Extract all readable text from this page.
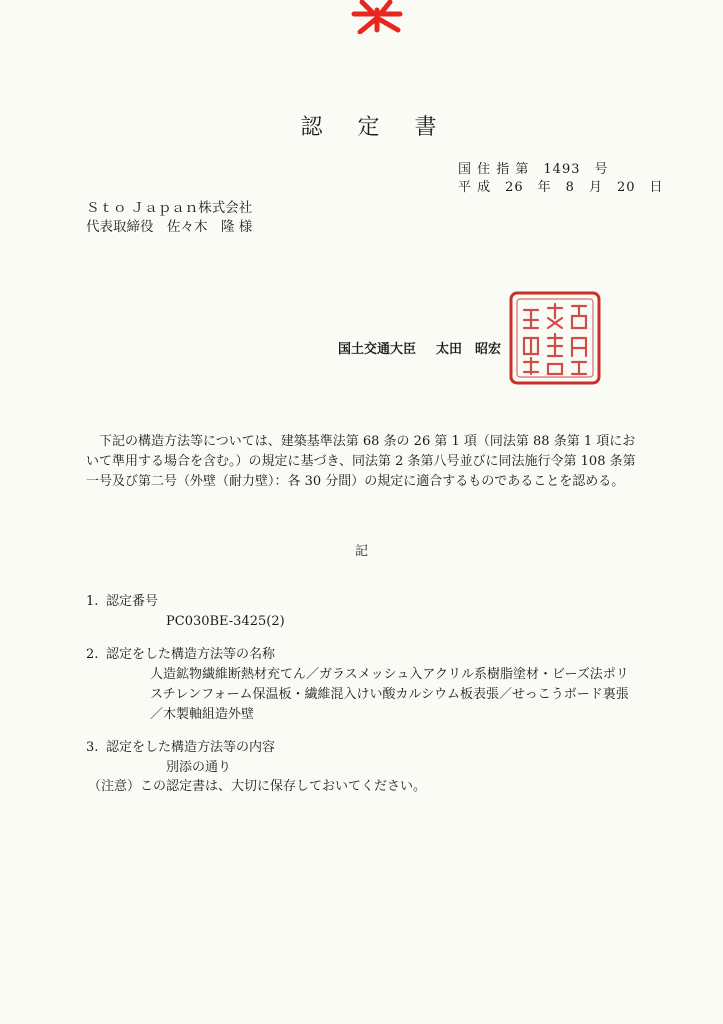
認 定 書
国 住 指 第　1493　号
平 成　26　年　8　月　20　日
Ｓｔｏ Ｊａｐａｎ株式会社
代表取締役　佐々木　隆 様
国土交通大臣 太田　昭宏
下記の構造方法等については、建築基準法第 68 条の 26 第 1 項（同法第 88 条第 1 項において準用する場合を含む。）の規定に基づき、同法第 2 条第八号並びに同法施行令第 108 条第一号及び第二号（外壁（耐力壁）：各 30 分間）の規定に適合するものであることを認める。
記
1. 認定番号
PC030BE-3425(2)
2. 認定をした構造方法等の名称
人造鉱物繊維断熱材充てん／ガラスメッシュ入アクリル系樹脂塗材・ビーズ法ポリスチレンフォーム保温板・繊維混入けい酸カルシウム板表張／せっこうボード裏張／木製軸組造外壁
3. 認定をした構造方法等の内容
別添の通り
（注意）この認定書は、大切に保存しておいてください。
